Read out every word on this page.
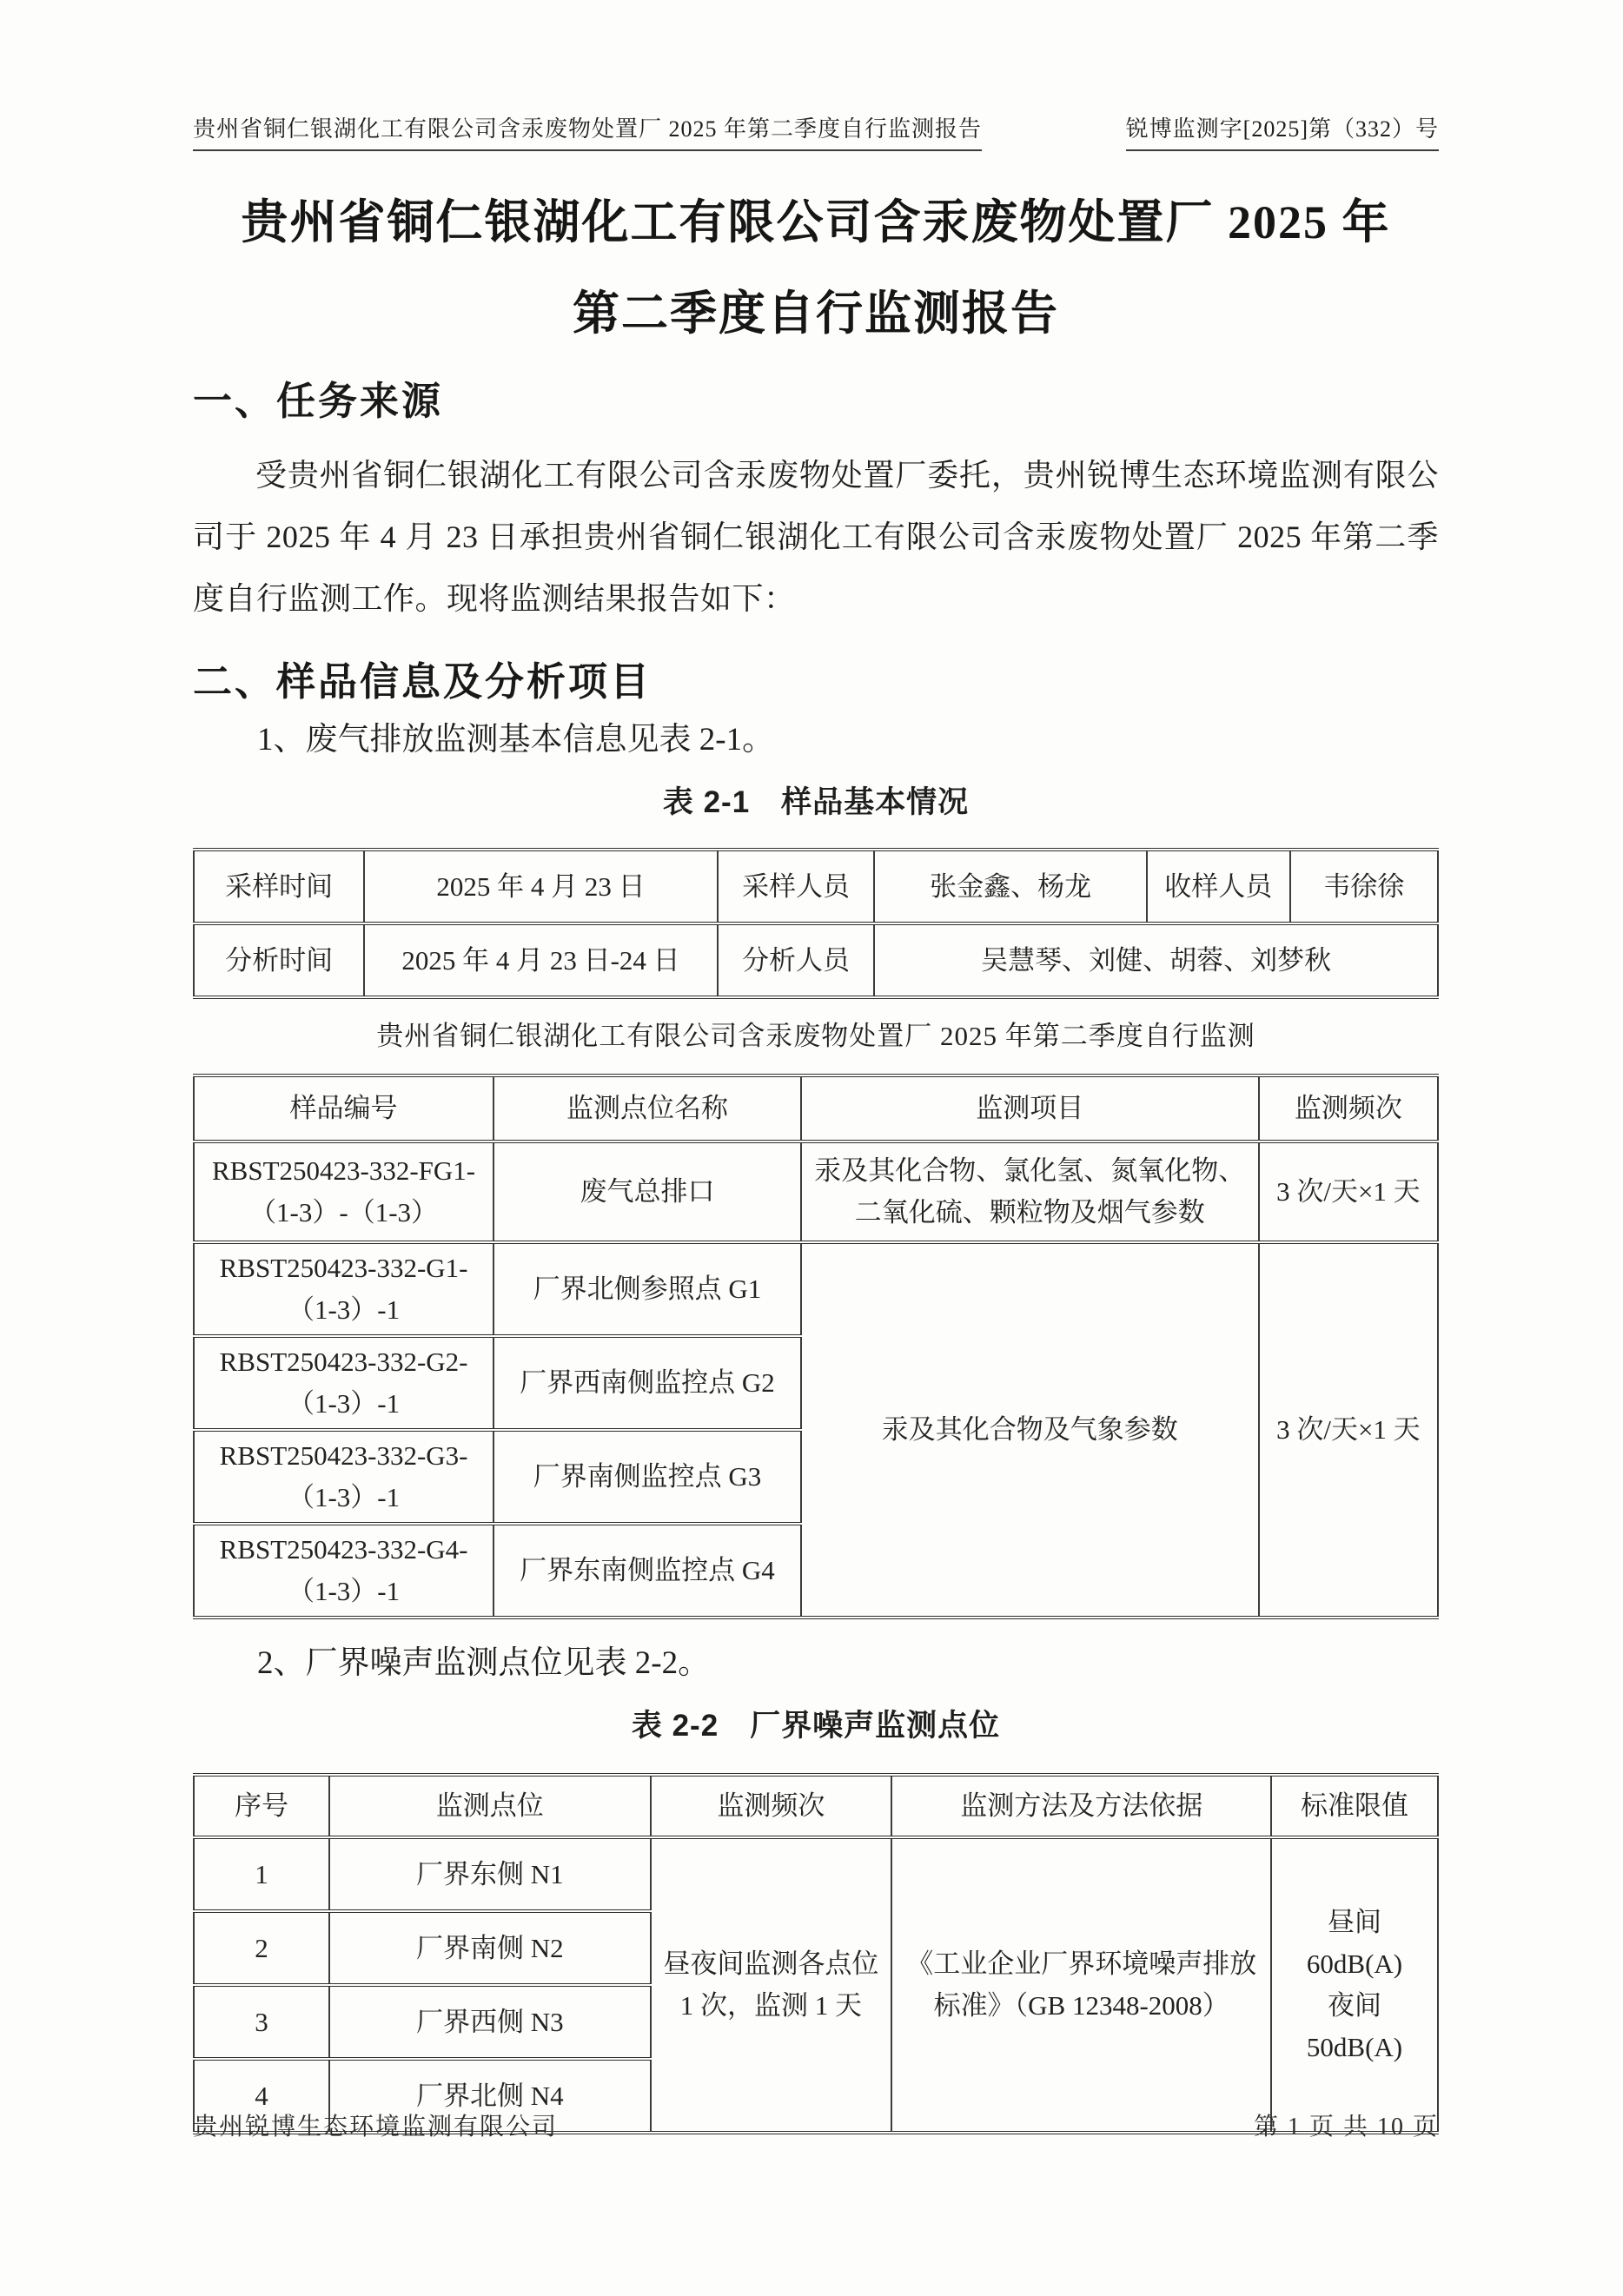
贵州省铜仁银湖化工有限公司含汞废物处置厂 2025 年第二季度自行监测报告	锐博监测字[2025]第（332）号
贵州省铜仁银湖化工有限公司含汞废物处置厂 2025 年
第二季度自行监测报告
一、任务来源

受贵州省铜仁银湖化工有限公司含汞废物处置厂委托，贵州锐博生态环境监测有限公司于 2025 年 4 月 23 日承担贵州省铜仁银湖化工有限公司含汞废物处置厂 2025 年第二季度自行监测工作。现将监测结果报告如下：

二、样品信息及分析项目

1、废气排放监测基本信息见表 2-1。

表 2-1　样品基本情况
采样时间	2025 年 4 月 23 日	采样人员	张金鑫、杨龙	收样人员	韦徐徐
分析时间	2025 年 4 月 23 日-24 日	分析人员	吴慧琴、刘健、胡蓉、刘梦秋		
贵州省铜仁银湖化工有限公司含汞废物处置厂 2025 年第二季度自行监测
样品编号	监测点位名称	监测项目	监测频次
RBST250423-332-FG1-（1-3）-（1-3）	废气总排口	汞及其化合物、氯化氢、氮氧化物、二氧化硫、颗粒物及烟气参数	3 次/天×1 天
RBST250423-332-G1-（1-3）-1	厂界北侧参照点 G1	汞及其化合物及气象参数	3 次/天×1 天
RBST250423-332-G2-（1-3）-1	厂界西南侧监控点 G2		
RBST250423-332-G3-（1-3）-1	厂界南侧监控点 G3		
RBST250423-332-G4-（1-3）-1	厂界东南侧监控点 G4		

2、厂界噪声监测点位见表 2-2。

表 2-2　厂界噪声监测点位
序号	监测点位	监测频次	监测方法及方法依据	标准限值
1	厂界东侧 N1	昼夜间监测各点位 1 次，监测 1 天	《工业企业厂界环境噪声排放标准》（GB 12348-2008）	昼间 60dB(A)
夜间 50dB(A)

2	厂界南侧 N2			
3	厂界西侧 N3			
4	厂界北侧 N4			
贵州锐博生态环境监测有限公司	第 1 页 共 10 页
